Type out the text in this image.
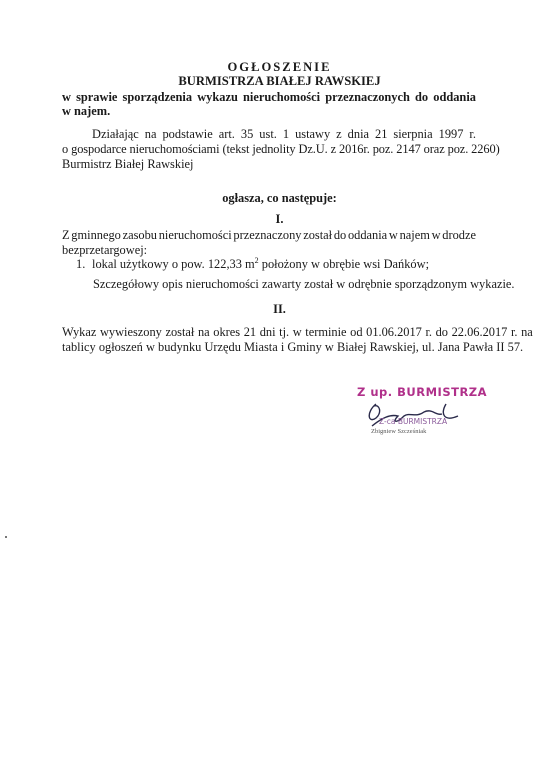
OGŁOSZENIE
BURMISTRZA BIAŁEJ RAWSKIEJ
w sprawie sporządzenia wykazu nieruchomości przeznaczonych do oddania
w najem.
Działając na podstawie art. 35 ust. 1 ustawy z dnia 21 sierpnia 1997 r.
o gospodarce nieruchomościami (tekst jednolity Dz.U. z 2016r. poz. 2147 oraz poz. 2260)
Burmistrz Białej Rawskiej
ogłasza, co następuje:
I.
Z gminnego zasobu nieruchomości przeznaczony został do oddania w najem w drodze
bezprzetargowej:
1. lokal użytkowy o pow. 122,33 $m^2$ położony w obrębie wsi Dańków;
Szczegółowy opis nieruchomości zawarty został w odrębnie sporządzonym wykazie.
II.
Wykaz wywieszony został na okres 21 dni tj. w terminie od 01.06.2017 r. do 22.06.2017 r. na
tablicy ogłoszeń w budynku Urzędu Miasta i Gminy w Białej Rawskiej, ul. Jana Pawła II 57.
Z up. BURMISTRZA
Z-ca BURMISTRZA
Zbigniew Szcześniak
